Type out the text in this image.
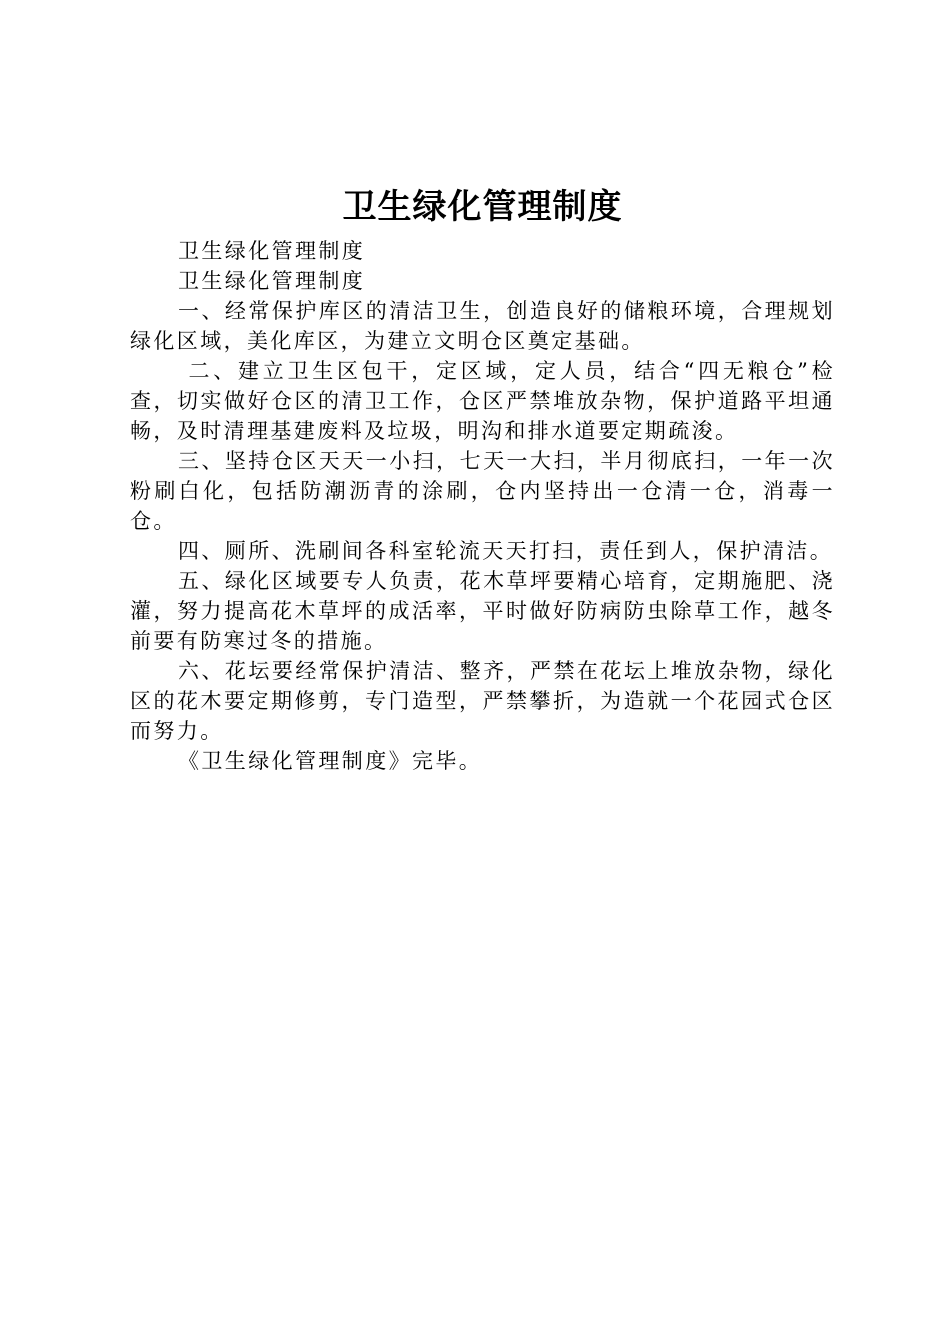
卫生绿化管理制度

卫生绿化管理制度

卫生绿化管理制度

一、经常保护库区的清洁卫生，创造良好的储粮环境，合理规划绿化区域，美化库区，为建立文明仓区奠定基础。

二、建立卫生区包干，定区域，定人员，结合“四无粮仓”检查，切实做好仓区的清卫工作，仓区严禁堆放杂物，保护道路平坦通畅，及时清理基建废料及垃圾，明沟和排水道要定期疏浚。

三、坚持仓区天天一小扫，七天一大扫，半月彻底扫，一年一次粉刷白化，包括防潮沥青的涂刷，仓内坚持出一仓清一仓，消毒一仓。

四、厕所、洗刷间各科室轮流天天打扫，责任到人，保护清洁。

五、绿化区域要专人负责，花木草坪要精心培育，定期施肥、浇灌，努力提高花木草坪的成活率，平时做好防病防虫除草工作，越冬前要有防寒过冬的措施。

六、花坛要经常保护清洁、整齐，严禁在花坛上堆放杂物，绿化区的花木要定期修剪，专门造型，严禁攀折，为造就一个花园式仓区而努力。

《卫生绿化管理制度》完毕。
